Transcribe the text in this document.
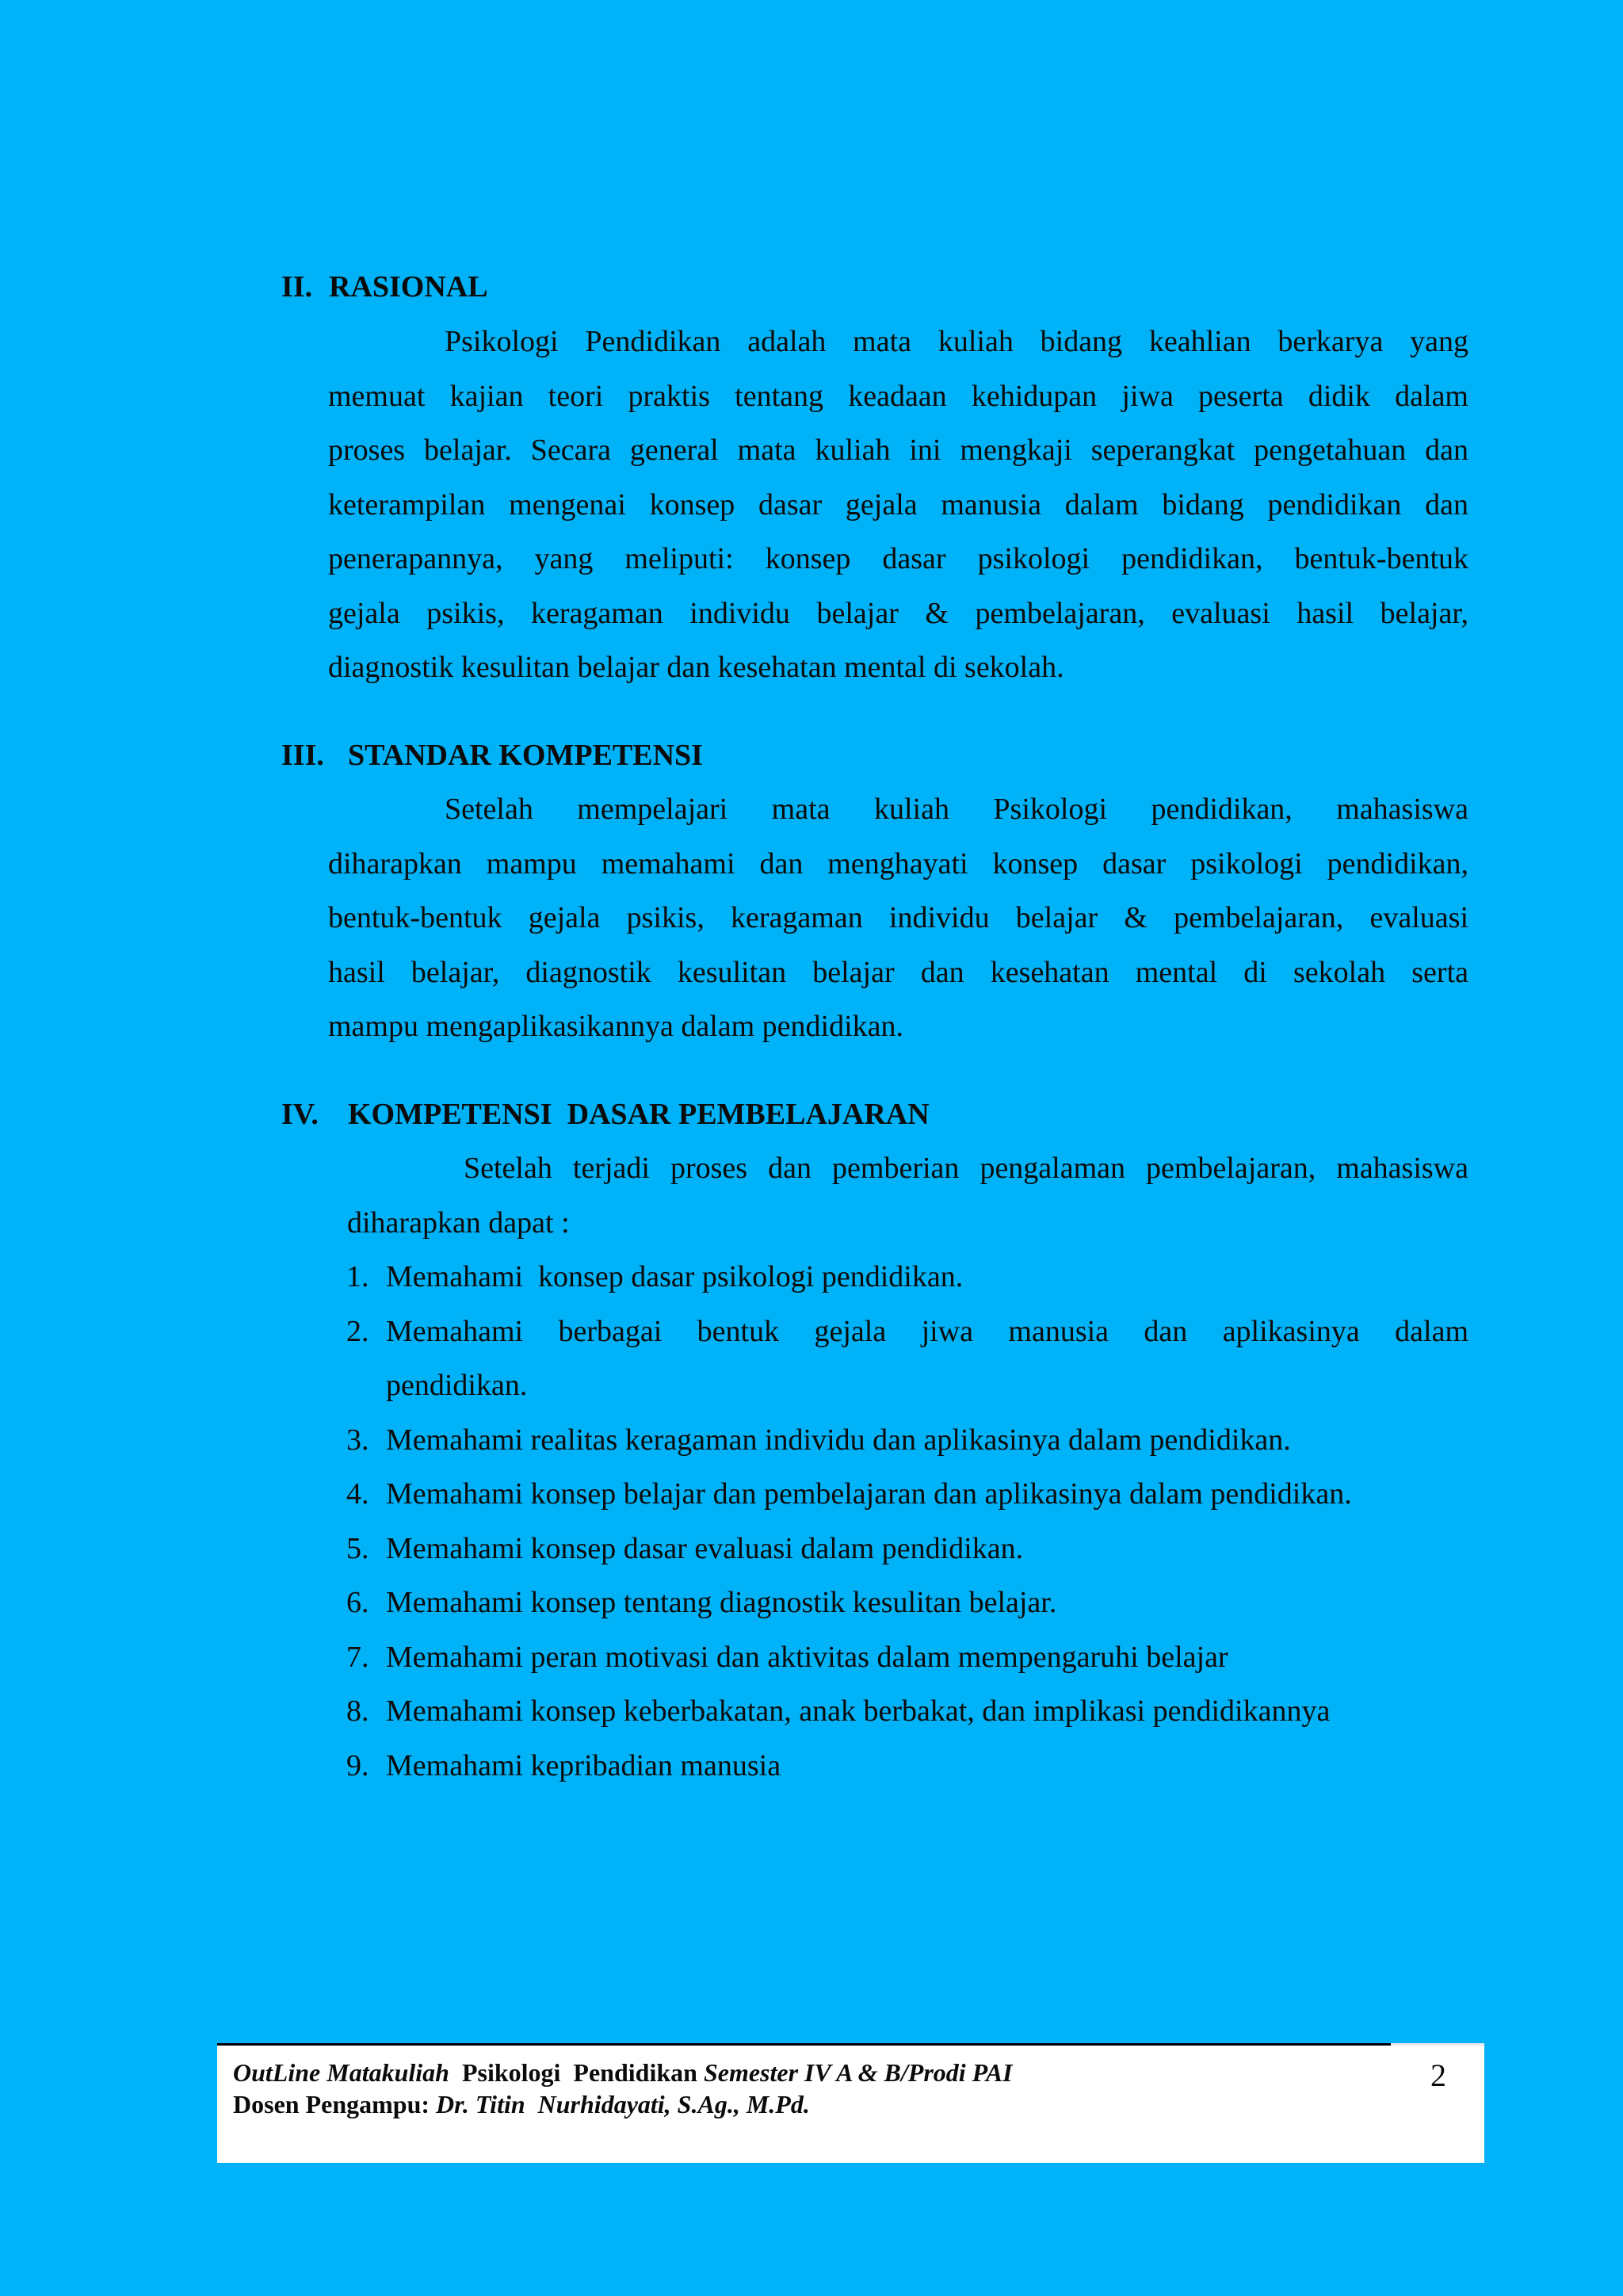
II. RASIONAL
Psikologi Pendidikan adalah mata kuliah bidang keahlian berkarya yang
memuat kajian teori praktis tentang keadaan kehidupan jiwa peserta didik dalam
proses belajar. Secara general mata kuliah ini mengkaji seperangkat pengetahuan dan
keterampilan mengenai konsep dasar gejala manusia dalam bidang pendidikan dan
penerapannya, yang meliputi: konsep dasar psikologi pendidikan, bentuk-bentuk
gejala psikis, keragaman individu belajar & pembelajaran, evaluasi hasil belajar,
diagnostik kesulitan belajar dan kesehatan mental di sekolah.
III. STANDAR KOMPETENSI
Setelah mempelajari mata kuliah Psikologi pendidikan, mahasiswa
diharapkan mampu memahami dan menghayati konsep dasar psikologi pendidikan,
bentuk-bentuk gejala psikis, keragaman individu belajar & pembelajaran, evaluasi
hasil belajar, diagnostik kesulitan belajar dan kesehatan mental di sekolah serta
mampu mengaplikasikannya dalam pendidikan.
IV. KOMPETENSI  DASAR PEMBELAJARAN
Setelah terjadi proses dan pemberian pengalaman pembelajaran, mahasiswa
diharapkan dapat :
1. Memahami  konsep dasar psikologi pendidikan.
2. Memahami berbagai bentuk gejala jiwa manusia dan aplikasinya dalam
pendidikan.
3. Memahami realitas keragaman individu dan aplikasinya dalam pendidikan.
4. Memahami konsep belajar dan pembelajaran dan aplikasinya dalam pendidikan.
5. Memahami konsep dasar evaluasi dalam pendidikan.
6. Memahami konsep tentang diagnostik kesulitan belajar.
7. Memahami peran motivasi dan aktivitas dalam mempengaruhi belajar
8. Memahami konsep keberbakatan, anak berbakat, dan implikasi pendidikannya
9. Memahami kepribadian manusia
OutLine Matakuliah  Psikologi  Pendidikan Semester IV A & B/Prodi PAI
Dosen Pengampu: Dr. Titin  Nurhidayati, S.Ag., M.Pd.
2
